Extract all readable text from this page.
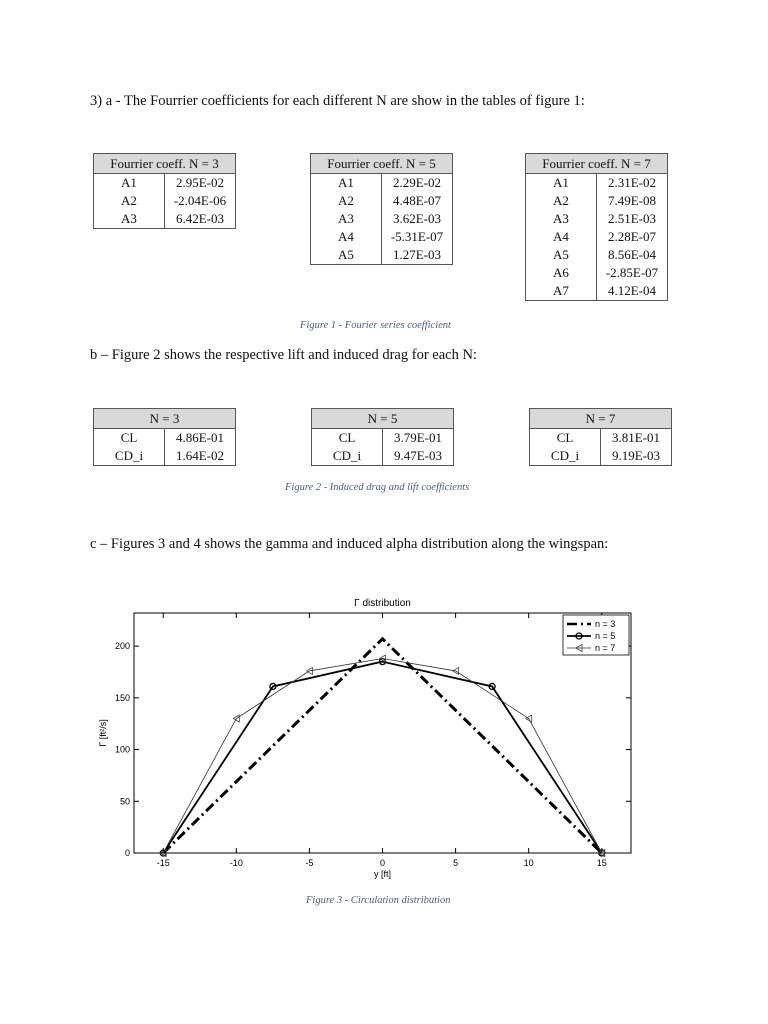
3) a - The Fourrier coefficients for each different N are show in the tables of figure 1:
Fourrier coeff. N = 3	
A1	2.95E-02
A2	-2.04E-06
A3	6.42E-03
Fourrier coeff. N = 5	
A1	2.29E-02
A2	4.48E-07
A3	3.62E-03
A4	-5.31E-07
A5	1.27E-03
Fourrier coeff. N = 7	
A1	2.31E-02
A2	7.49E-08
A3	2.51E-03
A4	2.28E-07
A5	8.56E-04
A6	-2.85E-07
A7	4.12E-04
Figure 1 - Fourier series coefficient
b – Figure 2 shows the respective lift and induced drag for each N:
N = 3	
CL	4.86E-01
CD_i	1.64E-02
N = 5	
CL	3.79E-01
CD_i	9.47E-03
N = 7	
CL	3.81E-01
CD_i	9.19E-03
Figure 2 - Induced drag and lift coefficients
c – Figures 3 and 4 shows the gamma and induced alpha distribution along the wingspan:
Γ distribution
-15	-10	-5	0	5	10	15
0
50
100
150
200
y [ft]
Γ [ft²/s]
n = 3
n = 5
n = 7
Figure 3 - Circulation distribution
